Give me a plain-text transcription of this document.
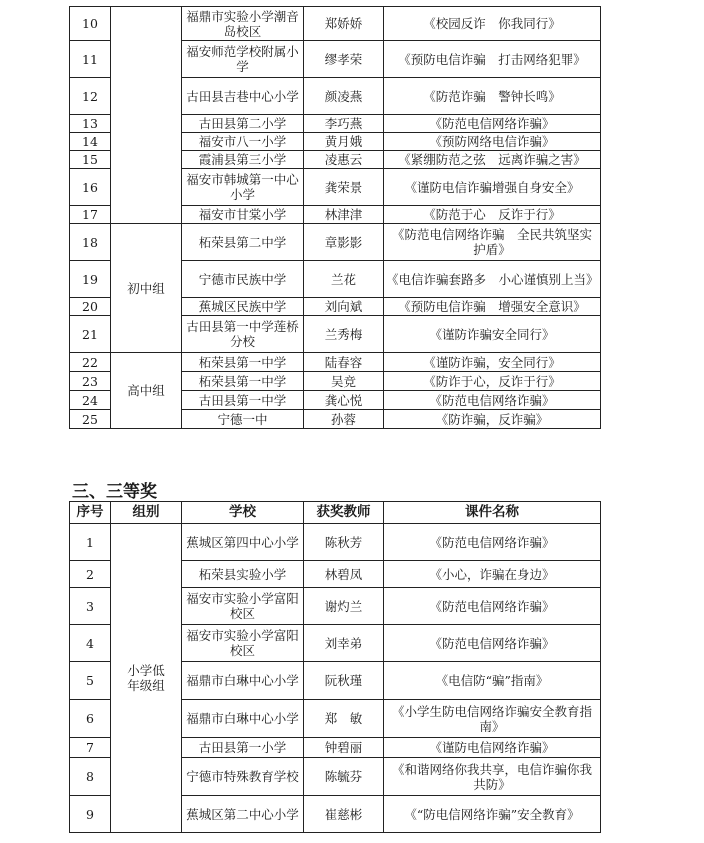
10		福鼎市实验小学潮音岛校区	郑娇娇	《校园反诈　你我同行》
11		福安师范学校附属小学	缪孝荣	《预防电信诈骗　打击网络犯罪》
12		古田县吉巷中心小学	颜凌燕	《防范诈骗　警钟长鸣》
13		古田县第二小学	李巧燕	《防范电信网络诈骗》
14		福安市八一小学	黄月娥	《预防网络电信诈骗》
15		霞浦县第三小学	凌惠云	《紧绷防范之弦　远离诈骗之害》
16		福安市韩城第一中心小学	龚荣景	《谨防电信诈骗增强自身安全》
17		福安市甘棠小学	林津津	《防范于心　反诈于行》
18	初中组	柘荣县第二中学	章影影	《防范电信网络诈骗　全民共筑坚实护盾》
19		宁德市民族中学	兰花	《电信诈骗套路多　小心谨慎别上当》
20		蕉城区民族中学	刘向斌	《预防电信诈骗　增强安全意识》
21		古田县第一中学莲桥分校	兰秀梅	《谨防诈骗安全同行》
22	高中组	柘荣县第一中学	陆春容	《谨防诈骗，安全同行》
23		柘荣县第一中学	吴竞	《防诈于心，反诈于行》
24		古田县第一中学	龚心悦	《防范电信网络诈骗》
25		宁德一中	孙蓉	《防诈骗，反诈骗》
三、三等奖
序号	组别	学校	获奖教师	课件名称
1	小学低年级组	蕉城区第四中心小学	陈秋芳	《防范电信网络诈骗》
2		柘荣县实验小学	林碧凤	《小心，诈骗在身边》
3		福安市实验小学富阳校区	谢灼兰	《防范电信网络诈骗》
4		福安市实验小学富阳校区	刘幸弟	《防范电信网络诈骗》
5		福鼎市白琳中心小学	阮秋瑾	《电信防“骗”指南》
6		福鼎市白琳中心小学	郑　敏	《小学生防电信网络诈骗安全教育指南》
7		古田县第一小学	钟碧丽	《谨防电信网络诈骗》
8		宁德市特殊教育学校	陈毓芬	《和谐网络你我共享，电信诈骗你我共防》
9		蕉城区第二中心小学	崔慈彬	《“防电信网络诈骗”安全教育》
